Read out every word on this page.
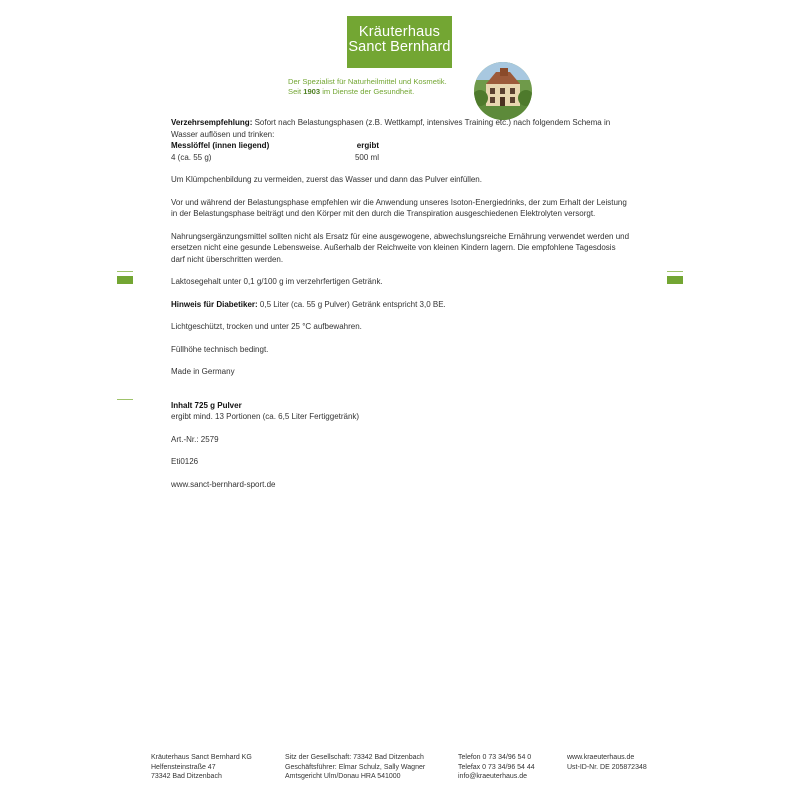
Kräuterhaus
Sanct Bernhard
Der Spezialist für Naturheilmittel und Kosmetik.
Seit 1903 im Dienste der Gesundheit.
Verzehrsempfehlung: Sofort nach Belastungsphasen (z.B. Wettkampf, intensives Training etc.) nach folgendem Schema in Wasser auflösen und trinken:
Messlöffel (innen liegend)	ergibt
4 (ca. 55 g)	500 ml

Um Klümpchenbildung zu vermeiden, zuerst das Wasser und dann das Pulver einfüllen.

Vor und während der Belastungsphase empfehlen wir die Anwendung unseres Isoton-Energiedrinks, der zum Erhalt der Leistung in der Belastungsphase beiträgt und den Körper mit den durch die Transpiration ausgeschiedenen Elektrolyten versorgt.

Nahrungsergänzungsmittel sollten nicht als Ersatz für eine ausgewogene, abwechslungsreiche Ernährung verwendet werden und ersetzen nicht eine gesunde Lebensweise. Außerhalb der Reichweite von kleinen Kindern lagern. Die empfohlene Tagesdosis darf nicht überschritten werden.

Laktosegehalt unter 0,1 g/100 g im verzehrfertigen Getränk.

Hinweis für Diabetiker: 0,5 Liter (ca. 55 g Pulver) Getränk entspricht 3,0 BE.

Lichtgeschützt, trocken und unter 25 °C aufbewahren.

Füllhöhe technisch bedingt.

Made in Germany

Inhalt 725 g Pulver

ergibt mind. 13 Portionen (ca. 6,5 Liter Fertiggetränk)

Art.-Nr.: 2579

Eti0126

www.sanct-bernhard-sport.de

Kräuterhaus Sanct Bernhard KG
Helfensteinstraße 47
73342 Bad Ditzenbach
Sitz der Gesellschaft: 73342 Bad Ditzenbach
Geschäftsführer: Elmar Schulz, Sally Wagner
Amtsgericht Ulm/Donau HRA 541000
Telefon 0 73 34/96 54 0
Telefax 0 73 34/96 54 44
info@kraeuterhaus.de
www.kraeuterhaus.de
Ust-ID-Nr. DE 205872348
